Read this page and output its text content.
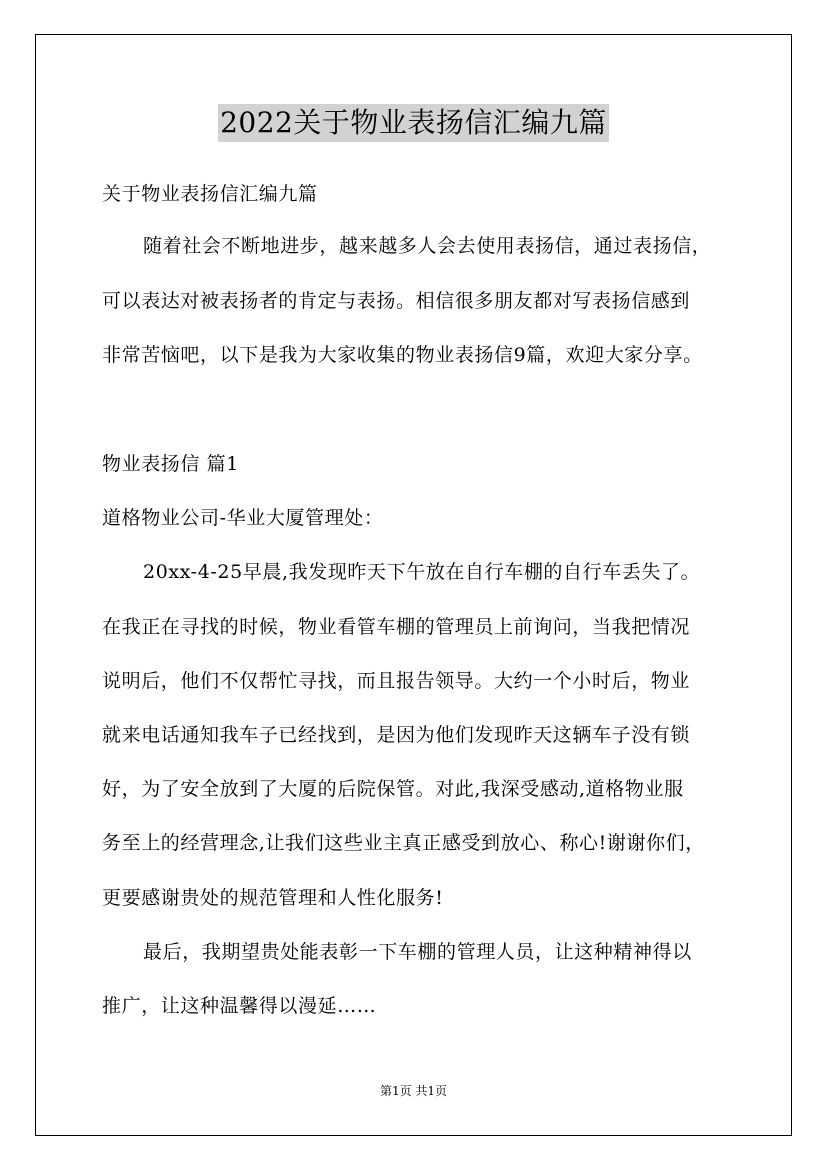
2022关于物业表扬信汇编九篇
关于物业表扬信汇编九篇
随着社会不断地进步，越来越多人会去使用表扬信，通过表扬信，
可以表达对被表扬者的肯定与表扬。相信很多朋友都对写表扬信感到
非常苦恼吧，以下是我为大家收集的物业表扬信9篇，欢迎大家分享。
物业表扬信 篇1
道格物业公司-华业大厦管理处：
20xx-4-25早晨,我发现昨天下午放在自行车棚的自行车丢失了。
在我正在寻找的时候，物业看管车棚的管理员上前询问，当我把情况
说明后，他们不仅帮忙寻找，而且报告领导。大约一个小时后，物业
就来电话通知我车子已经找到，是因为他们发现昨天这辆车子没有锁
好，为了安全放到了大厦的后院保管。对此,我深受感动,道格物业服
务至上的经营理念,让我们这些业主真正感受到放心、称心!谢谢你们，
更要感谢贵处的规范管理和人性化服务!
最后，我期望贵处能表彰一下车棚的管理人员，让这种精神得以
推广，让这种温馨得以漫延……
第1页 共1页
